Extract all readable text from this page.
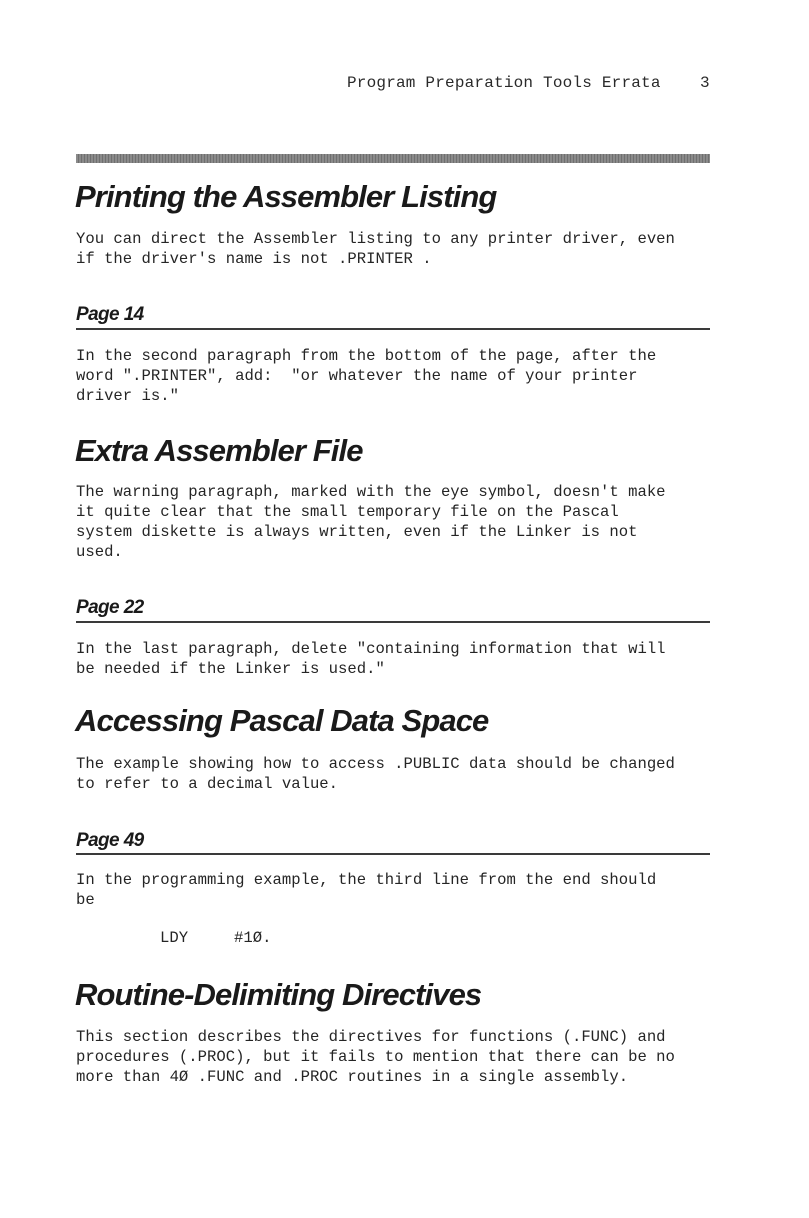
Program Preparation Tools Errata 3
Printing the Assembler Listing
You can direct the Assembler listing to any printer driver, even
if the driver's name is not .PRINTER .
Page 14
In the second paragraph from the bottom of the page, after the
word ".PRINTER", add:  "or whatever the name of your printer
driver is."
Extra Assembler File
The warning paragraph, marked with the eye symbol, doesn't make
it quite clear that the small temporary file on the Pascal
system diskette is always written, even if the Linker is not
used.
Page 22
In the last paragraph, delete "containing information that will
be needed if the Linker is used."
Accessing Pascal Data Space
The example showing how to access .PUBLIC data should be changed
to refer to a decimal value.
Page 49
In the programming example, the third line from the end should
be
LDY	#1Ø.
Routine-Delimiting Directives
This section describes the directives for functions (.FUNC) and
procedures (.PROC), but it fails to mention that there can be no
more than 4Ø .FUNC and .PROC routines in a single assembly.
